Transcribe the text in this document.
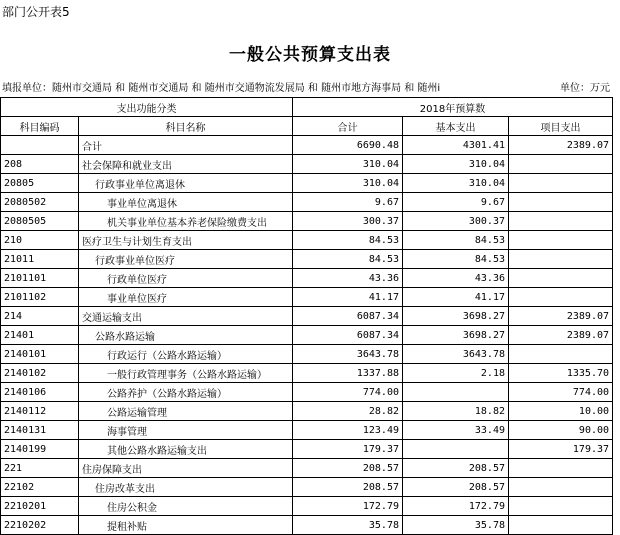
部门公开表5
一般公共预算支出表
填报单位：随州市交通局 和 随州市交通局 和 随州市交通物流发展局 和 随州市地方海事局 和 随州i	单位：万元
支出功能分类		2018年预算数		
科目编码	科目名称	合计	基本支出	项目支出
	合计	6690.48	4301.41	2389.07
208	社会保障和就业支出	310.04	310.04	
20805	行政事业单位离退休	310.04	310.04	
2080502	事业单位离退休	9.67	9.67	
2080505	机关事业单位基本养老保险缴费支出	300.37	300.37	
210	医疗卫生与计划生育支出	84.53	84.53	
21011	行政事业单位医疗	84.53	84.53	
2101101	行政单位医疗	43.36	43.36	
2101102	事业单位医疗	41.17	41.17	
214	交通运输支出	6087.34	3698.27	2389.07
21401	公路水路运输	6087.34	3698.27	2389.07
2140101	行政运行（公路水路运输）	3643.78	3643.78	
2140102	一般行政管理事务（公路水路运输）	1337.88	2.18	1335.70
2140106	公路养护（公路水路运输）	774.00		774.00
2140112	公路运输管理	28.82	18.82	10.00
2140131	海事管理	123.49	33.49	90.00
2140199	其他公路水路运输支出	179.37		179.37
221	住房保障支出	208.57	208.57	
22102	住房改革支出	208.57	208.57	
2210201	住房公积金	172.79	172.79	
2210202	提租补贴	35.78	35.78	
